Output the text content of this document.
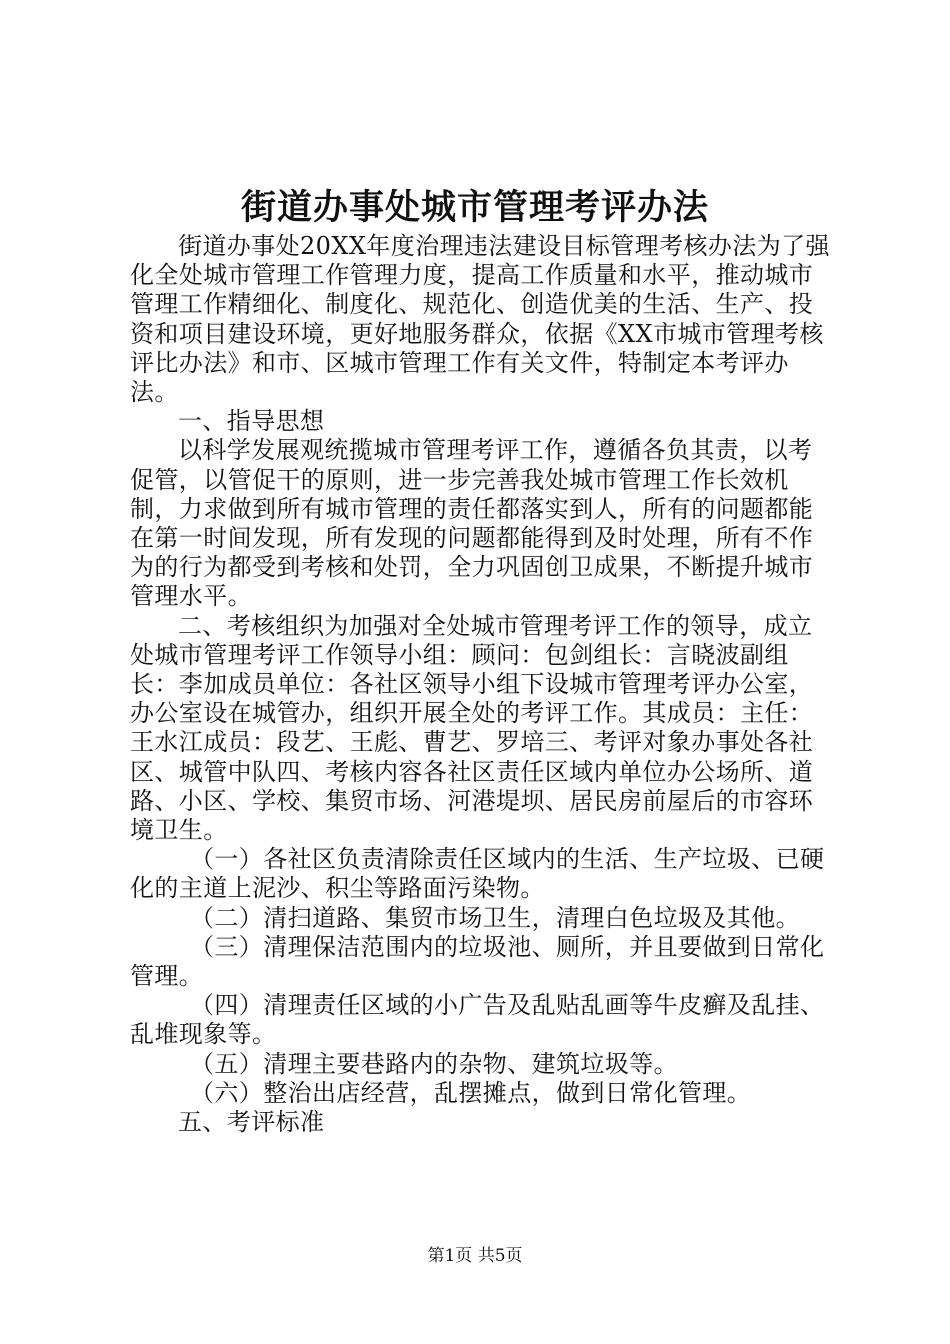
街道办事处城市管理考评办法

街道办事处20XX年度治理违法建设目标管理考核办法为了强化全处城市管理工作管理力度，提高工作质量和水平，推动城市管理工作精细化、制度化、规范化、创造优美的生活、生产、投资和项目建设环境，更好地服务群众，依据《XX市城市管理考核评比办法》和市、区城市管理工作有关文件，特制定本考评办法。

一、指导思想

以科学发展观统揽城市管理考评工作，遵循各负其责，以考促管，以管促干的原则，进一步完善我处城市管理工作长效机制，力求做到所有城市管理的责任都落实到人，所有的问题都能在第一时间发现，所有发现的问题都能得到及时处理，所有不作为的行为都受到考核和处罚，全力巩固创卫成果，不断提升城市管理水平。

二、考核组织为加强对全处城市管理考评工作的领导，成立处城市管理考评工作领导小组：顾问：包剑组长：言晓波副组长：李加成员单位：各社区领导小组下设城市管理考评办公室，办公室设在城管办，组织开展全处的考评工作。其成员：主任：王水江成员：段艺、王彪、曹艺、罗培三、考评对象办事处各社区、城管中队四、考核内容各社区责任区域内单位办公场所、道路、小区、学校、集贸市场、河港堤坝、居民房前屋后的市容环境卫生。

（一）各社区负责清除责任区域内的生活、生产垃圾、已硬化的主道上泥沙、积尘等路面污染物。

（二）清扫道路、集贸市场卫生，清理白色垃圾及其他。

（三）清理保洁范围内的垃圾池、厕所，并且要做到日常化管理。

（四）清理责任区域的小广告及乱贴乱画等牛皮癣及乱挂、乱堆现象等。

（五）清理主要巷路内的杂物、建筑垃圾等。

（六）整治出店经营，乱摆摊点，做到日常化管理。

五、考评标准

第1页 共5页
